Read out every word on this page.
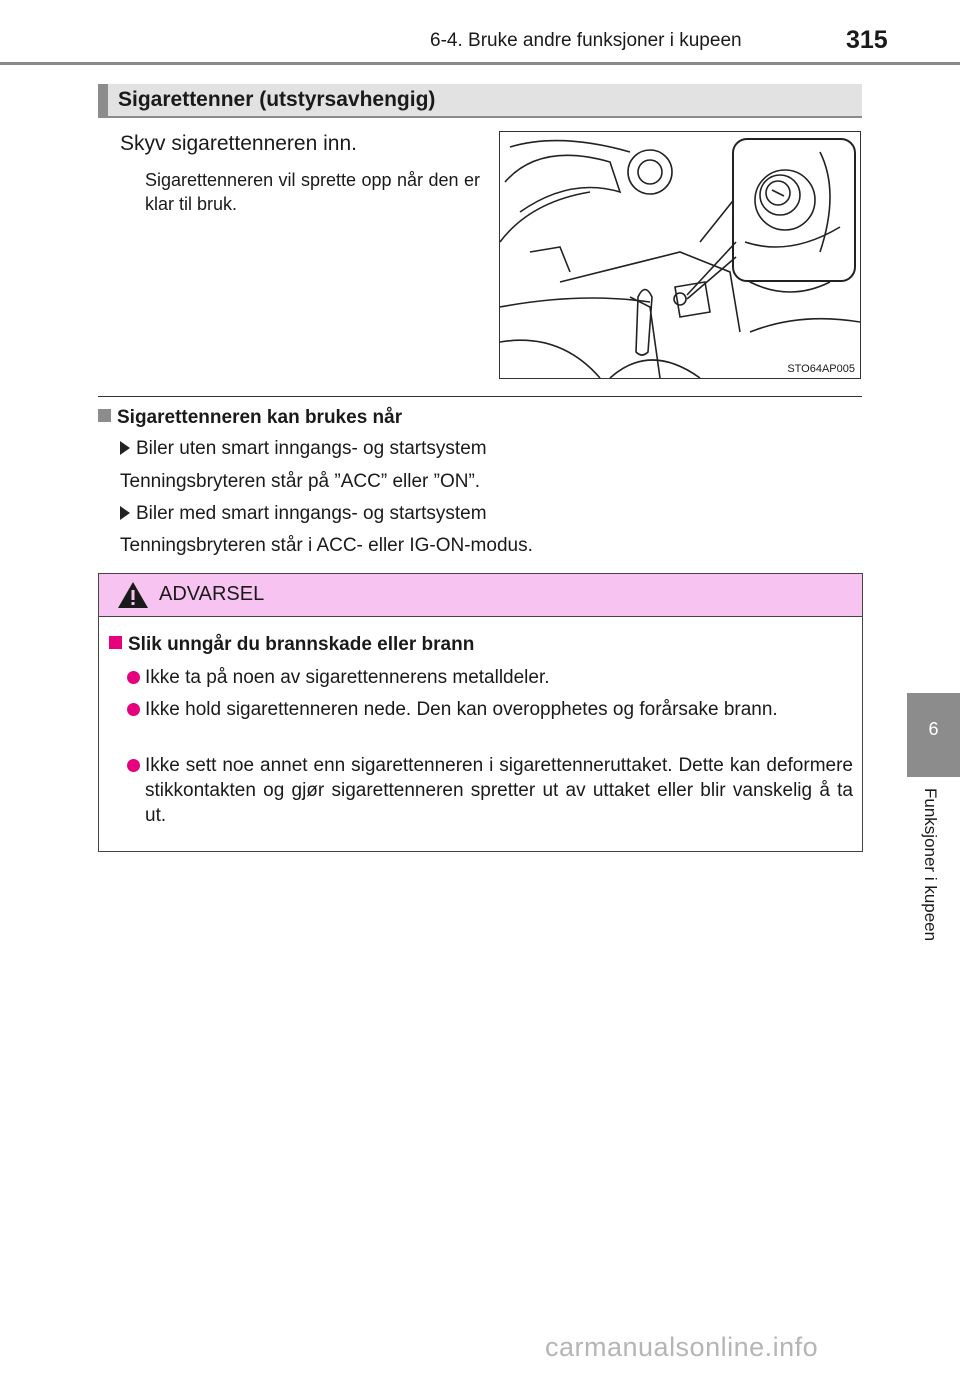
6-4. Bruke andre funksjoner i kupeen	315
Sigarettenner (utstyrsavhengig)
Skyv sigarettenneren inn.
Sigarettenneren vil sprette opp når den er klar til bruk.
STO64AP005
Sigarettenneren kan brukes når
Biler uten smart inngangs- og startsystem
Tenningsbryteren står på ”ACC” eller ”ON”.
Biler med smart inngangs- og startsystem
Tenningsbryteren står i ACC- eller IG-ON-modus.
ADVARSEL
Slik unngår du brannskade eller brann

Ikke ta på noen av sigarettennerens metalldeler.

Ikke hold sigarettenneren nede. Den kan overopphetes og forårsake brann.

Ikke sett noe annet enn sigarettenneren i sigarettenneruttaket. Dette kan deformere stikkontakten og gjør sigarettenneren spretter ut av uttaket eller blir vanskelig å ta ut.

6
Funksjoner i kupeen
carmanualsonline.info
